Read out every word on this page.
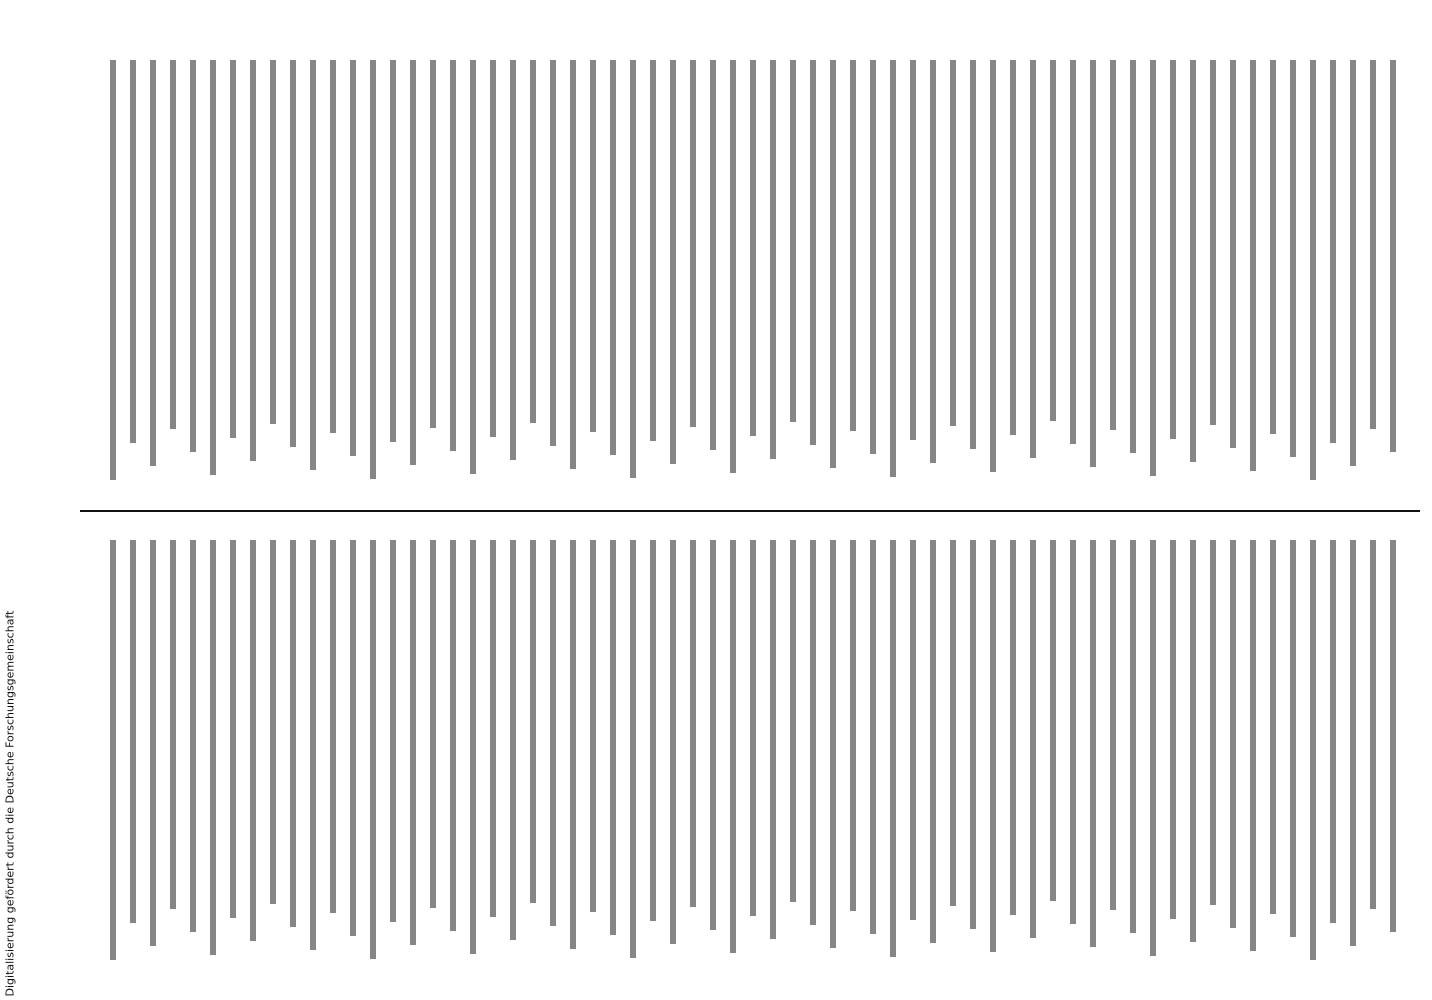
Digitalisierung gefördert durch die Deutsche Forschungsgemeinschaft
